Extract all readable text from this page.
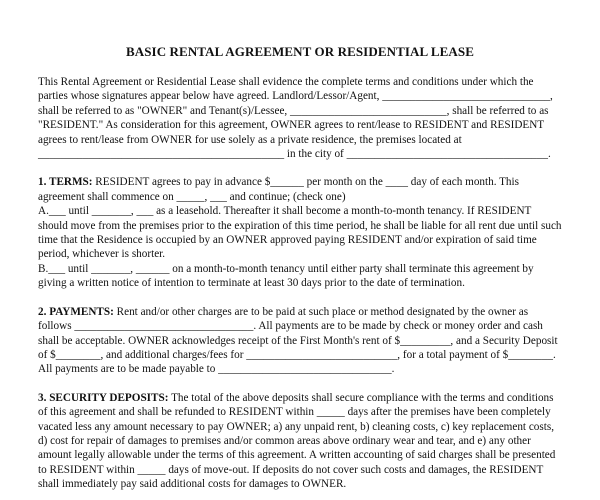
BASIC RENTAL AGREEMENT OR RESIDENTIAL LEASE

This Rental Agreement or Residential Lease shall evidence the complete terms and conditions under which the parties whose signatures appear below have agreed. Landlord/Lessor/Agent, ______________________________, shall be referred to as "OWNER" and Tenant(s)/Lessee, ____________________________, shall be referred to as "RESIDENT." As consideration for this agreement, OWNER agrees to rent/lease to RESIDENT and RESIDENT agrees to rent/lease from OWNER for use solely as a private residence, the premises located at ____________________________________________ in the city of ____________________________________.

1. TERMS: RESIDENT agrees to pay in advance $______ per month on the ____ day of each month. This agreement shall commence on _____, ___ and continue; (check one)

A.___ until _______, ___ as a leasehold. Thereafter it shall become a month-to-month tenancy. If RESIDENT should move from the premises prior to the expiration of this time period, he shall be liable for all rent due until such time that the Residence is occupied by an OWNER approved paying RESIDENT and/or expiration of said time period, whichever is shorter.

B.___ until _______, ______ on a month-to-month tenancy until either party shall terminate this agreement by giving a written notice of intention to terminate at least 30 days prior to the date of termination.

2. PAYMENTS: Rent and/or other charges are to be paid at such place or method designated by the owner as follows ________________________________. All payments are to be made by check or money order and cash shall be acceptable. OWNER acknowledges receipt of the First Month's rent of $_________, and a Security Deposit of $________, and additional charges/fees for ___________________________, for a total payment of $________. All payments are to be made payable to _______________________________.

3. SECURITY DEPOSITS: The total of the above deposits shall secure compliance with the terms and conditions of this agreement and shall be refunded to RESIDENT within _____ days after the premises have been completely vacated less any amount necessary to pay OWNER; a) any unpaid rent, b) cleaning costs, c) key replacement costs, d) cost for repair of damages to premises and/or common areas above ordinary wear and tear, and e) any other amount legally allowable under the terms of this agreement. A written accounting of said charges shall be presented to RESIDENT within _____ days of move-out. If deposits do not cover such costs and damages, the RESIDENT shall immediately pay said additional costs for damages to OWNER.
